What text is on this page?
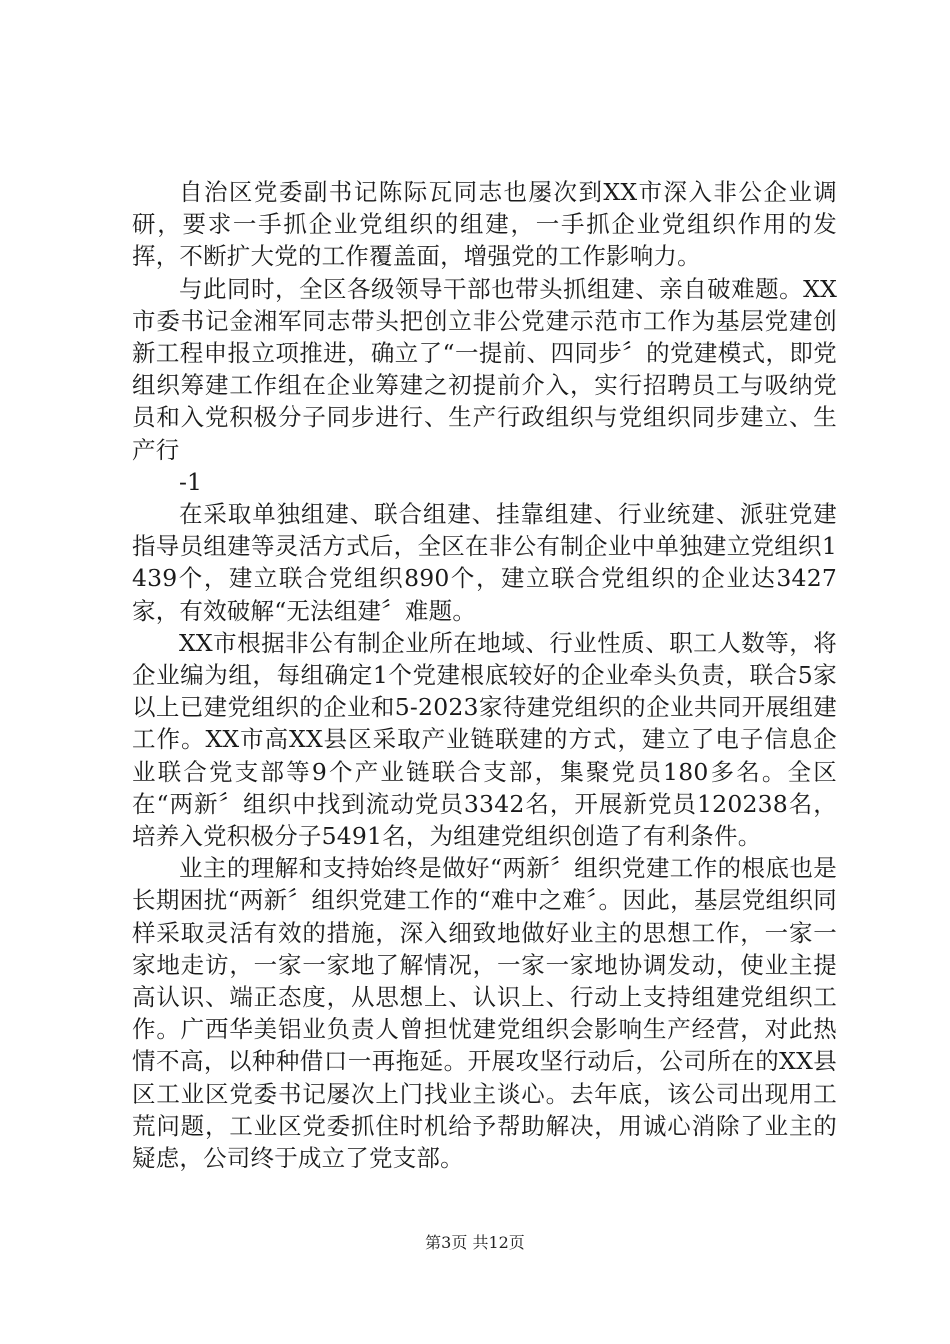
自治区党委副书记陈际瓦同志也屡次到XX市深入非公企业调研，要求一手抓企业党组织的组建，一手抓企业党组织作用的发挥，不断扩大党的工作覆盖面，增强党的工作影响力。

与此同时，全区各级领导干部也带头抓组建、亲自破难题。XX市委书记金湘军同志带头把创立非公党建示范市工作为基层党建创新工程申报立项推进，确立了“一提前、四同步〞的党建模式，即党组织筹建工作组在企业筹建之初提前介入，实行招聘员工与吸纳党员和入党积极分子同步进行、生产行政组织与党组织同步建立、生产行

-1

在采取单独组建、联合组建、挂靠组建、行业统建、派驻党建指导员组建等灵活方式后，全区在非公有制企业中单独建立党组织1439个，建立联合党组织890个，建立联合党组织的企业达3427家，有效破解“无法组建〞难题。

XX市根据非公有制企业所在地域、行业性质、职工人数等，将企业编为组，每组确定1个党建根底较好的企业牵头负责，联合5家以上已建党组织的企业和5-2023家待建党组织的企业共同开展组建工作。XX市高XX县区采取产业链联建的方式，建立了电子信息企业联合党支部等9个产业链联合支部，集聚党员180多名。全区在“两新〞组织中找到流动党员3342名，开展新党员120238名，培养入党积极分子5491名，为组建党组织创造了有利条件。

业主的理解和支持始终是做好“两新〞组织党建工作的根底也是长期困扰“两新〞组织党建工作的“难中之难〞。因此，基层党组织同样采取灵活有效的措施，深入细致地做好业主的思想工作，一家一家地走访，一家一家地了解情况，一家一家地协调发动，使业主提高认识、端正态度，从思想上、认识上、行动上支持组建党组织工作。广西华美铝业负责人曾担忧建党组织会影响生产经营，对此热情不高，以种种借口一再拖延。开展攻坚行动后，公司所在的XX县区工业区党委书记屡次上门找业主谈心。去年底，该公司出现用工荒问题，工业区党委抓住时机给予帮助解决，用诚心消除了业主的疑虑，公司终于成立了党支部。

第3页 共12页
